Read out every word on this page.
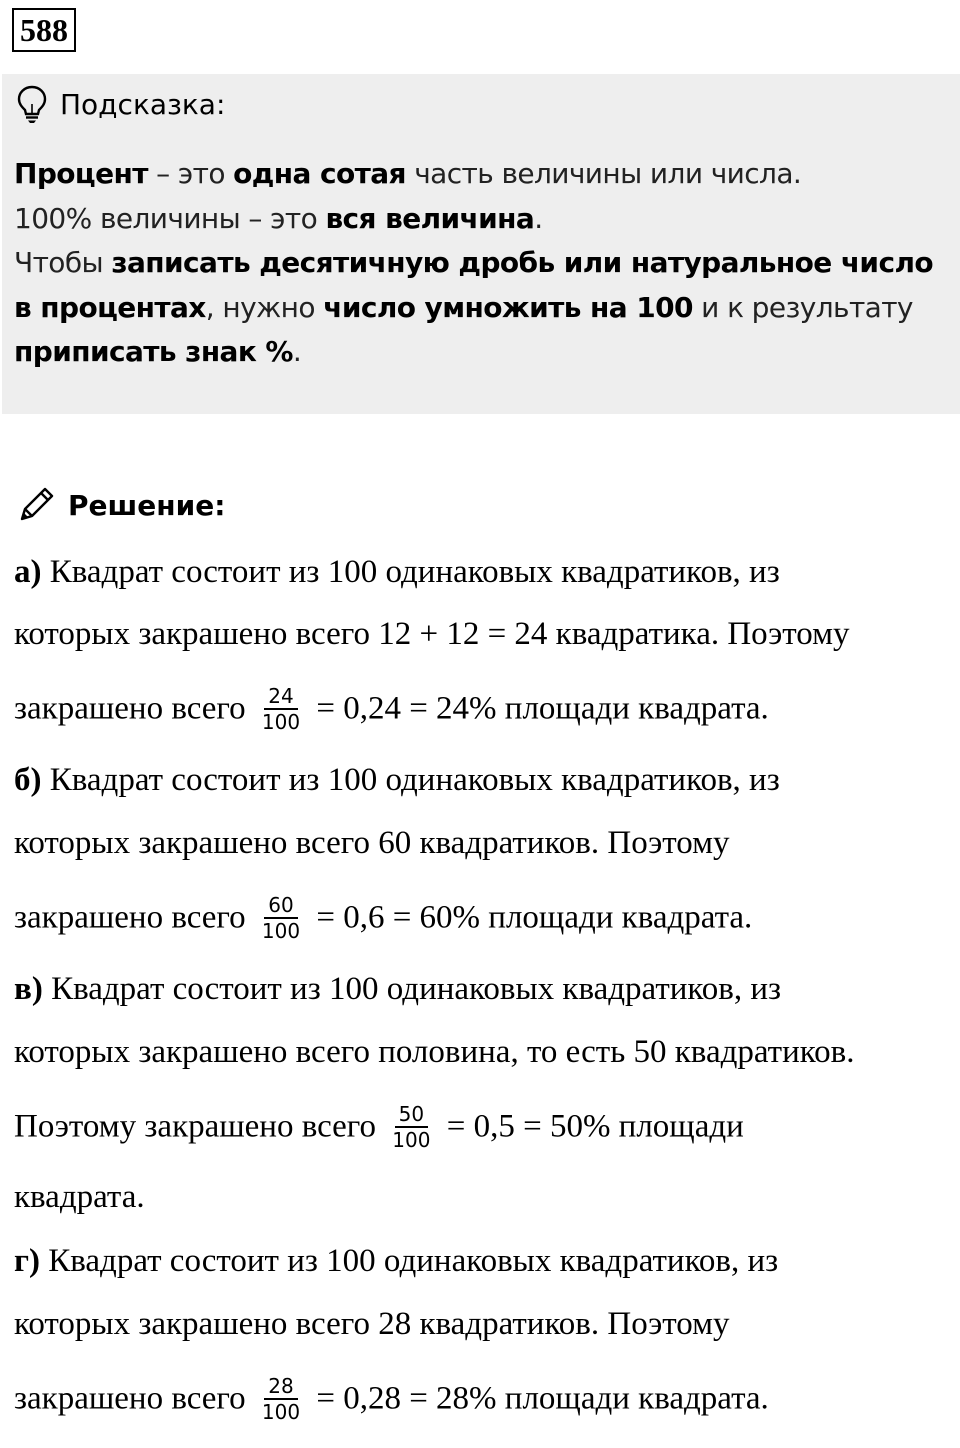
588
Подсказка:
Процент – это одна сотая часть величины или числа.
100% величины – это вся величина.
Чтобы записать десятичную дробь или натуральное число в процентах, нужно число умножить на 100 и к результату приписать знак %.
Решение:
а) Квадрат состоит из 100 одинаковых квадратиков, из
которых закрашено всего 12 + 12 = 24 квадратика. Поэтому
закрашено всего $\frac{24}{100} = 0,24 = 24\%$ площади квадрата.
б) Квадрат состоит из 100 одинаковых квадратиков, из
которых закрашено всего 60 квадратиков. Поэтому
закрашено всего $\frac{60}{100} = 0,6 = 60\%$ площади квадрата.
в) Квадрат состоит из 100 одинаковых квадратиков, из
которых закрашено всего половина, то есть 50 квадратиков.
Поэтому закрашено всего $\frac{50}{100} = 0,5 = 50\%$ площади
квадрата.
г) Квадрат состоит из 100 одинаковых квадратиков, из
которых закрашено всего 28 квадратиков. Поэтому
закрашено всего $\frac{28}{100} = 0,28 = 28\%$ площади квадрата.
